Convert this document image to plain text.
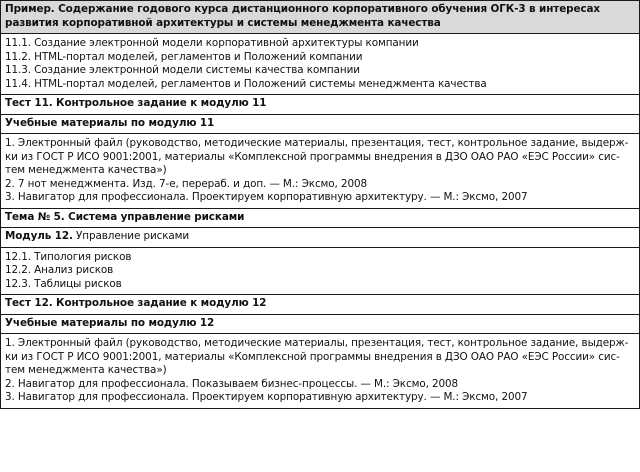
Пример. Содержание годового курса дистанционного корпоративного обучения ОГК-3 в интересах развития корпоративной архитектуры и системы менеджмента качества
11.1. Создание электронной модели корпоративной архитектуры компании
11.2. HTML-портал моделей, регламентов и Положений компании
11.3. Создание электронной модели системы качества компании
11.4. HTML-портал моделей, регламентов и Положений системы менеджмента качества
Тест 11. Контрольное задание к модулю 11
Учебные материалы по модулю 11
1. Электронный файл (руководство, методические материалы, презентация, тест, контрольное задание, выдерж-ки из ГОСТ Р ИСО 9001:2001, материалы «Комплексной программы внедрения в ДЗО ОАО РАО «ЕЭС России» сис-тем менеджмента качества»)
2. 7 нот менеджмента. Изд. 7-е, перераб. и доп. — М.: Эксмо, 2008
3. Навигатор для профессионала. Проектируем корпоративную архитектуру. — М.: Эксмо, 2007
Тема № 5. Система управление рисками
Модуль 12. Управление рисками
12.1. Типология рисков
12.2. Анализ рисков
12.3. Таблицы рисков
Тест 12. Контрольное задание к модулю 12
Учебные материалы по модулю 12
1. Электронный файл (руководство, методические материалы, презентация, тест, контрольное задание, выдерж-ки из ГОСТ Р ИСО 9001:2001, материалы «Комплексной программы внедрения в ДЗО ОАО РАО «ЕЭС России» сис-тем менеджмента качества»)
2. Навигатор для профессионала. Показываем бизнес-процессы. — М.: Эксмо, 2008
3. Навигатор для профессионала. Проектируем корпоративную архитектуру. — М.: Эксмо, 2007
